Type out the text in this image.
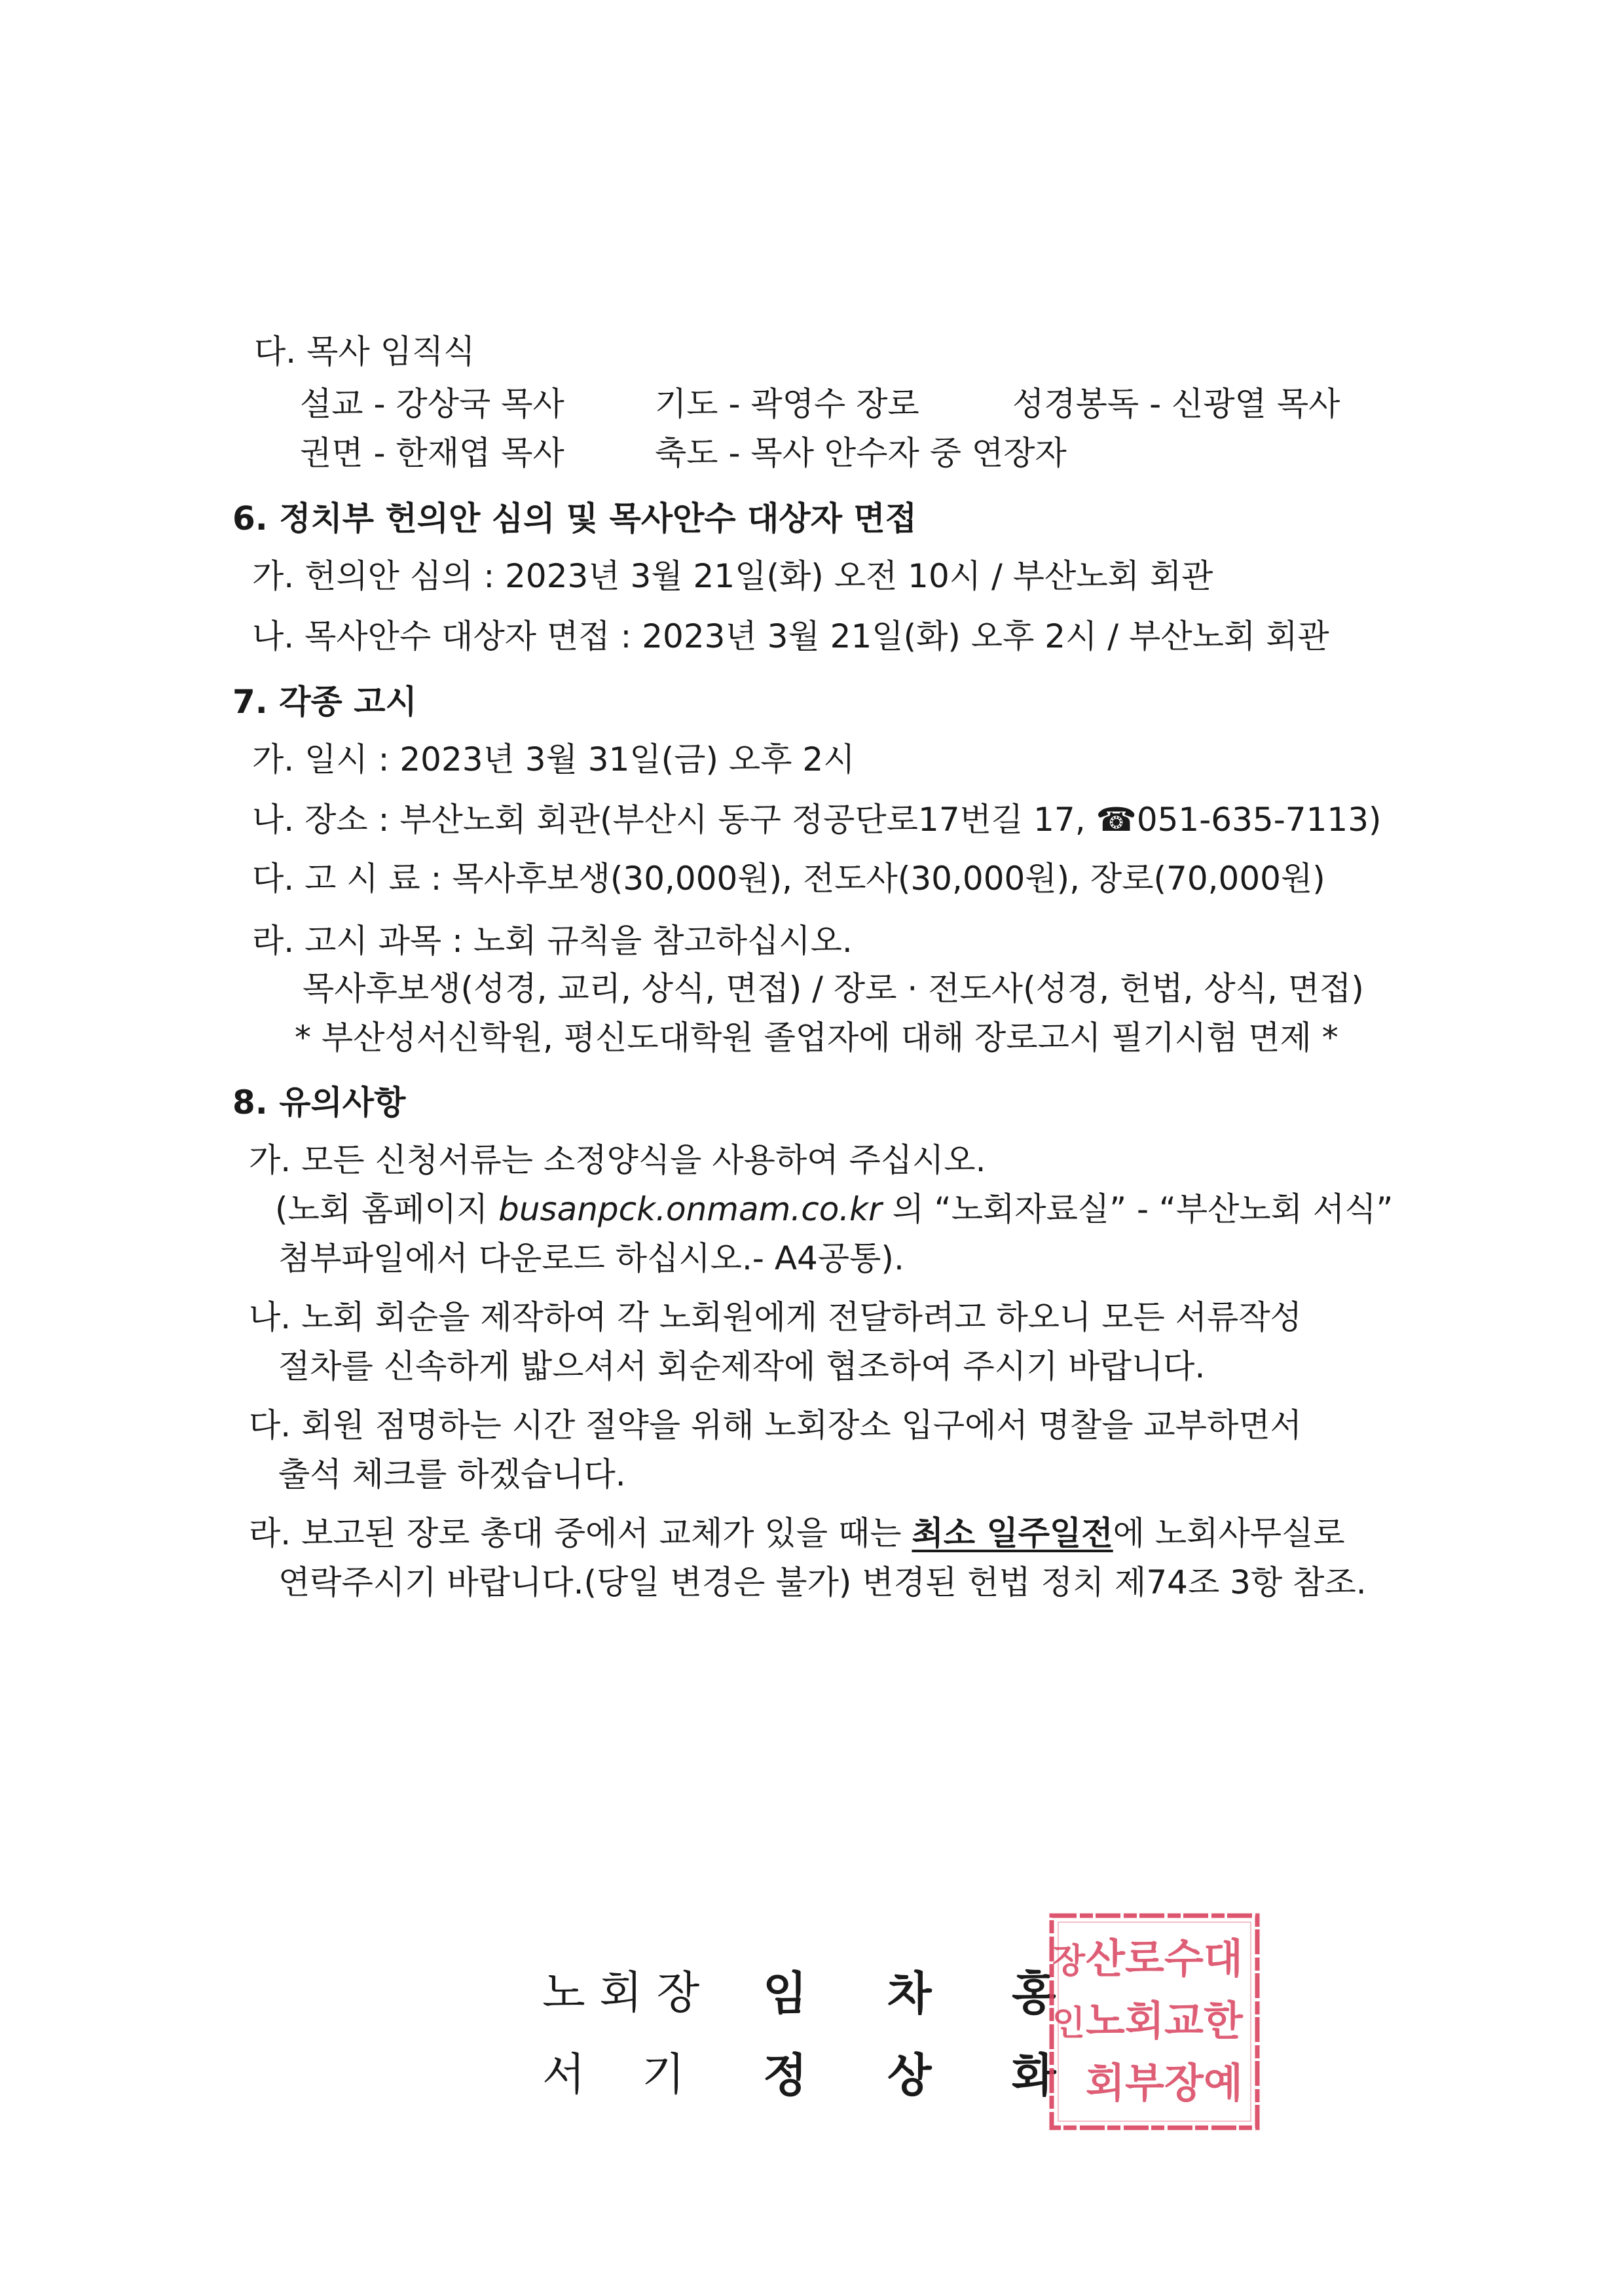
다. 목사 임직식
설교 - 강상국 목사	기도 - 곽영수 장로	성경봉독 - 신광열 목사
권면 - 한재엽 목사	축도 - 목사 안수자 중 연장자
6. 정치부 헌의안 심의 및 목사안수 대상자 면접
가. 헌의안 심의 : 2023년 3월 21일(화) 오전 10시 / 부산노회 회관
나. 목사안수 대상자 면접 : 2023년 3월 21일(화) 오후 2시 / 부산노회 회관
7. 각종 고시
가. 일시 : 2023년 3월 31일(금) 오후 2시
나. 장소 : 부산노회 회관(부산시 동구 정공단로17번길 17, ☎051-635-7113)
다. 고 시 료 : 목사후보생(30,000원), 전도사(30,000원), 장로(70,000원)
라. 고시 과목 : 노회 규칙을 참고하십시오.
목사후보생(성경, 교리, 상식, 면접) / 장로 · 전도사(성경, 헌법, 상식, 면접)
* 부산성서신학원, 평신도대학원 졸업자에 대해 장로고시 필기시험 면제 *
8. 유의사항
가. 모든 신청서류는 소정양식을 사용하여 주십시오.
(노회 홈페이지 busanpck.onmam.co.kr 의 “노회자료실” - “부산노회 서식”
첨부파일에서 다운로드 하십시오.- A4공통).
나. 노회 회순을 제작하여 각 노회원에게 전달하려고 하오니 모든 서류작성
절차를 신속하게 밟으셔서 회순제작에 협조하여 주시기 바랍니다.
다. 회원 점명하는 시간 절약을 위해 노회장소 입구에서 명찰을 교부하면서
출석 체크를 하겠습니다.
라. 보고된 장로 총대 중에서 교체가 있을 때는 최소 일주일전에 노회사무실로
연락주시기 바랍니다.(당일 변경은 불가) 변경된 헌법 정치 제74조 3항 참조.
노 회 장 임 차 홍
서    기 정 상 화
대
한
예
수
교
장
로
회
부
산
노
회
장
인
